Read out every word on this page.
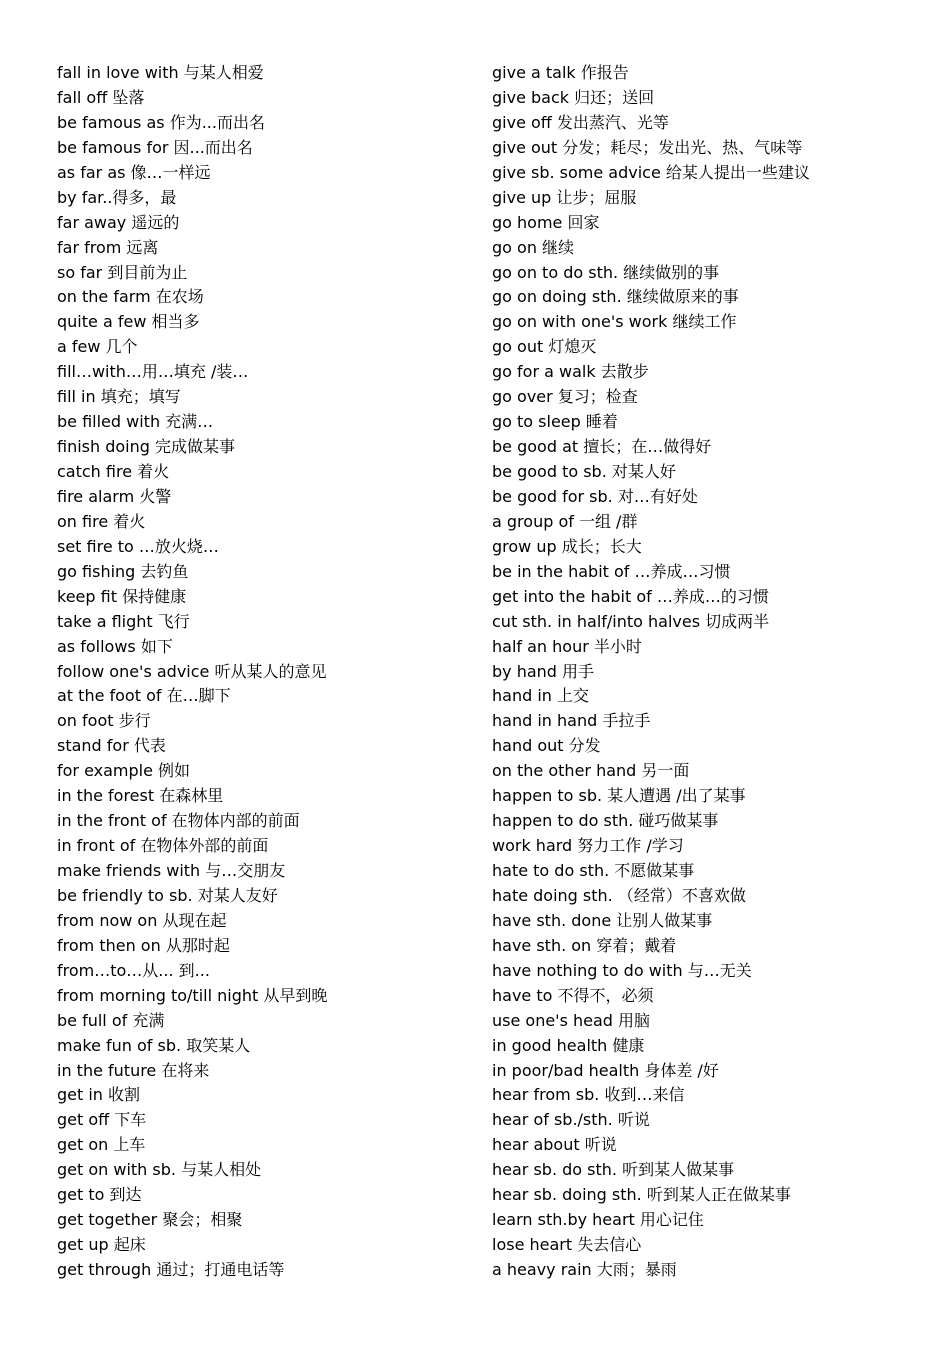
fall in love with 与某人相爱
fall off 坠落
be famous as 作为...而出名
be famous for 因...而出名
as far as 像…一样远
by far..得多，最
far away 遥远的
far from 远离
so far 到目前为止
on the farm 在农场
quite a few 相当多
a few 几个
fill…with…用…填充 /装…
fill in 填充；填写
be filled with 充满…
finish doing 完成做某事
catch fire 着火
fire alarm 火警
on fire 着火
set fire to …放火烧…
go fishing 去钓鱼
keep fit 保持健康
take a flight 飞行
as follows 如下
follow one's advice 听从某人的意见
at the foot of 在…脚下
on foot 步行
stand for 代表
for example 例如
in the forest 在森林里
in the front of 在物体内部的前面
in front of 在物体外部的前面
make friends with 与…交朋友
be friendly to sb. 对某人友好
from now on 从现在起
from then on 从那时起
from…to…从... 到...
from morning to/till night 从早到晚
be full of 充满
make fun of sb. 取笑某人
in the future 在将来
get in 收割
get off 下车
get on 上车
get on with sb. 与某人相处
get to 到达
get together 聚会；相聚
get up 起床
get through 通过；打通电话等
give a talk 作报告
give back 归还；送回
give off 发出蒸汽、光等
give out 分发；耗尽；发出光、热、气味等
give sb. some advice 给某人提出一些建议
give up 让步；屈服
go home 回家
go on 继续
go on to do sth. 继续做别的事
go on doing sth. 继续做原来的事
go on with one's work 继续工作
go out 灯熄灭
go for a walk 去散步
go over 复习；检查
go to sleep 睡着
be good at 擅长；在…做得好
be good to sb. 对某人好
be good for sb. 对…有好处
a group of 一组 /群
grow up 成长；长大
be in the habit of …养成…习惯
get into the habit of …养成…的习惯
cut sth. in half/into halves 切成两半
half an hour 半小时
by hand 用手
hand in 上交
hand in hand 手拉手
hand out 分发
on the other hand 另一面
happen to sb. 某人遭遇 /出了某事
happen to do sth. 碰巧做某事
work hard 努力工作 /学习
hate to do sth. 不愿做某事
hate doing sth. （经常）不喜欢做
have sth. done 让别人做某事
have sth. on 穿着；戴着
have nothing to do with 与…无关
have to 不得不，必须
use one's head 用脑
in good health 健康
in poor/bad health 身体差 /好
hear from sb. 收到…来信
hear of sb./sth. 听说
hear about 听说
hear sb. do sth. 听到某人做某事
hear sb. doing sth. 听到某人正在做某事
learn sth.by heart 用心记住
lose heart 失去信心
a heavy rain 大雨；暴雨
